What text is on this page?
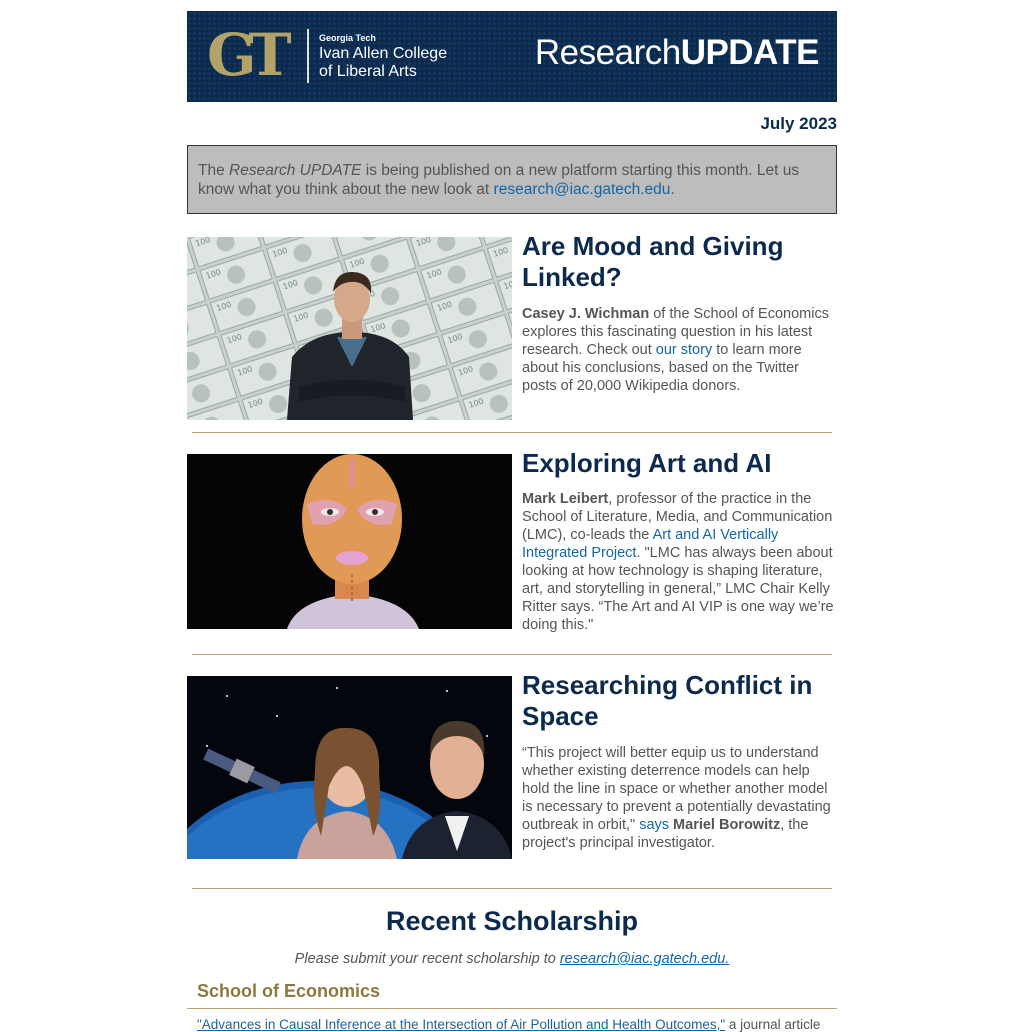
GT	Georgia Tech
Ivan Allen College
of Liberal Arts	ResearchUPDATE
July 2023
The Research UPDATE is being published on a new platform starting this month. Let us know what you think about the new look at research@iac.gatech.edu.
Are Mood and Giving Linked?
Casey J. Wichman of the School of Economics explores this fascinating question in his latest research. Check out our story to learn more about his conclusions, based on the Twitter posts of 20,000 Wikipedia donors.
Exploring Art and AI
Mark Leibert, professor of the practice in the School of Literature, Media, and Communication (LMC), co-leads the Art and AI Vertically Integrated Project. "LMC has always been about looking at how technology is shaping literature, art, and storytelling in general,” LMC Chair Kelly Ritter says. “The Art and AI VIP is one way we’re doing this."
Researching Conflict in Space
“This project will better equip us to understand whether existing deterrence models can help hold the line in space or whether another model is necessary to prevent a potentially devastating outbreak in orbit," says Mariel Borowitz, the project's principal investigator.
Recent Scholarship
Please submit your recent scholarship to research@iac.gatech.edu.
School of Economics
"Advances in Causal Inference at the Intersection of Air Pollution and Health Outcomes," a journal article
